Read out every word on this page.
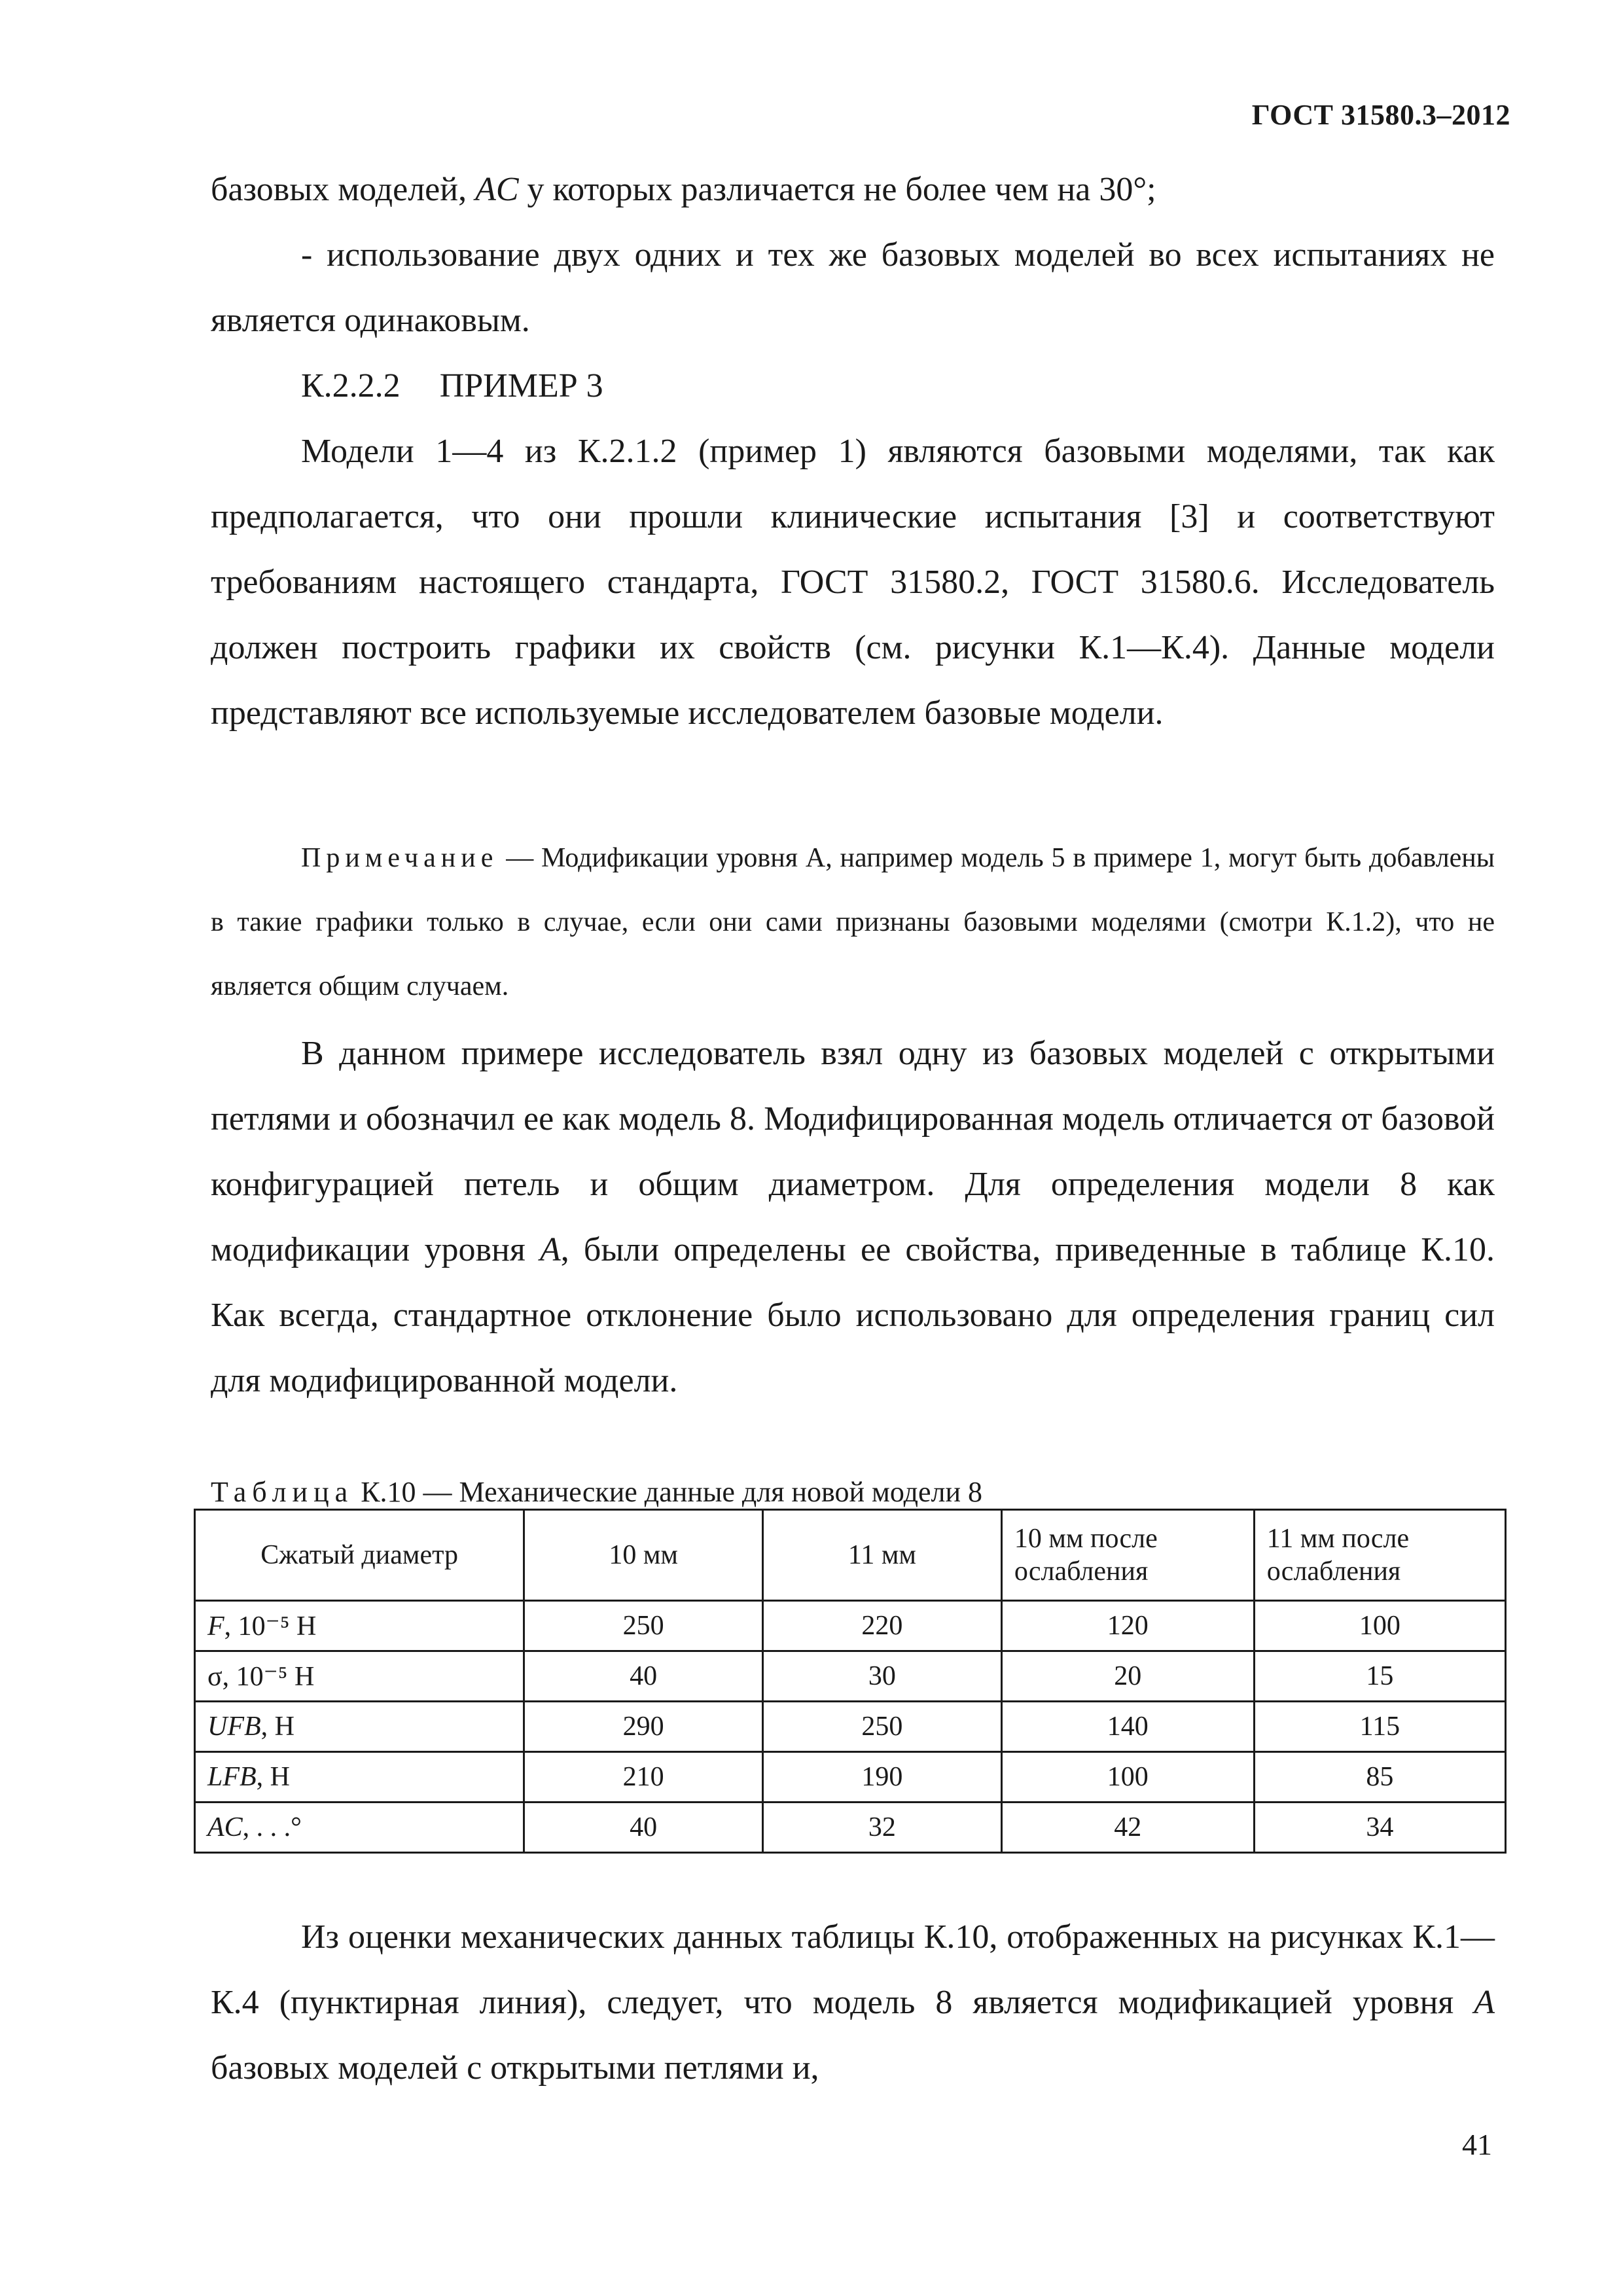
ГОСТ 31580.3–2012

базовых моделей, AC у которых различается не более чем на 30°;

- использование двух одних и тех же базовых моделей во всех испытаниях не является одинаковым.

К.2.2.2 ПРИМЕР 3

Модели 1—4 из К.2.1.2 (пример 1) являются базовыми моделями, так как предполагается, что они прошли клинические испытания [3] и соответствуют требованиям настоящего стандарта, ГОСТ 31580.2, ГОСТ 31580.6. Исследователь должен построить графики их свойств (см. рисунки К.1—К.4). Данные модели представляют все используемые исследователем базовые модели.

Примечание — Модификации уровня А, например модель 5 в примере 1, могут быть добавлены в такие графики только в случае, если они сами признаны базовыми моделями (смотри К.1.2), что не является общим случаем.

В данном примере исследователь взял одну из базовых моделей с открытыми петлями и обозначил ее как модель 8. Модифицированная модель отличается от базовой конфигурацией петель и общим диаметром. Для определения модели 8 как модификации уровня А, были определены ее свойства, приведенные в таблице К.10. Как всегда, стандартное отклонение было использовано для определения границ сил для модифицированной модели.

Таблица К.10 — Механические данные для новой модели 8
Сжатый диаметр	10 мм	11 мм	10 мм после ослабления	11 мм после ослабления
F, 10⁻⁵ Н	250	220	120	100
σ, 10⁻⁵ Н	40	30	20	15
UFB, Н	290	250	140	115
LFB, Н	210	190	100	85
AC, . . .°	40	32	42	34

Из оценки механических данных таблицы К.10, отображенных на рисунках К.1—К.4 (пунктирная линия), следует, что модель 8 является модификацией уровня А базовых моделей с открытыми петлями и,

41
